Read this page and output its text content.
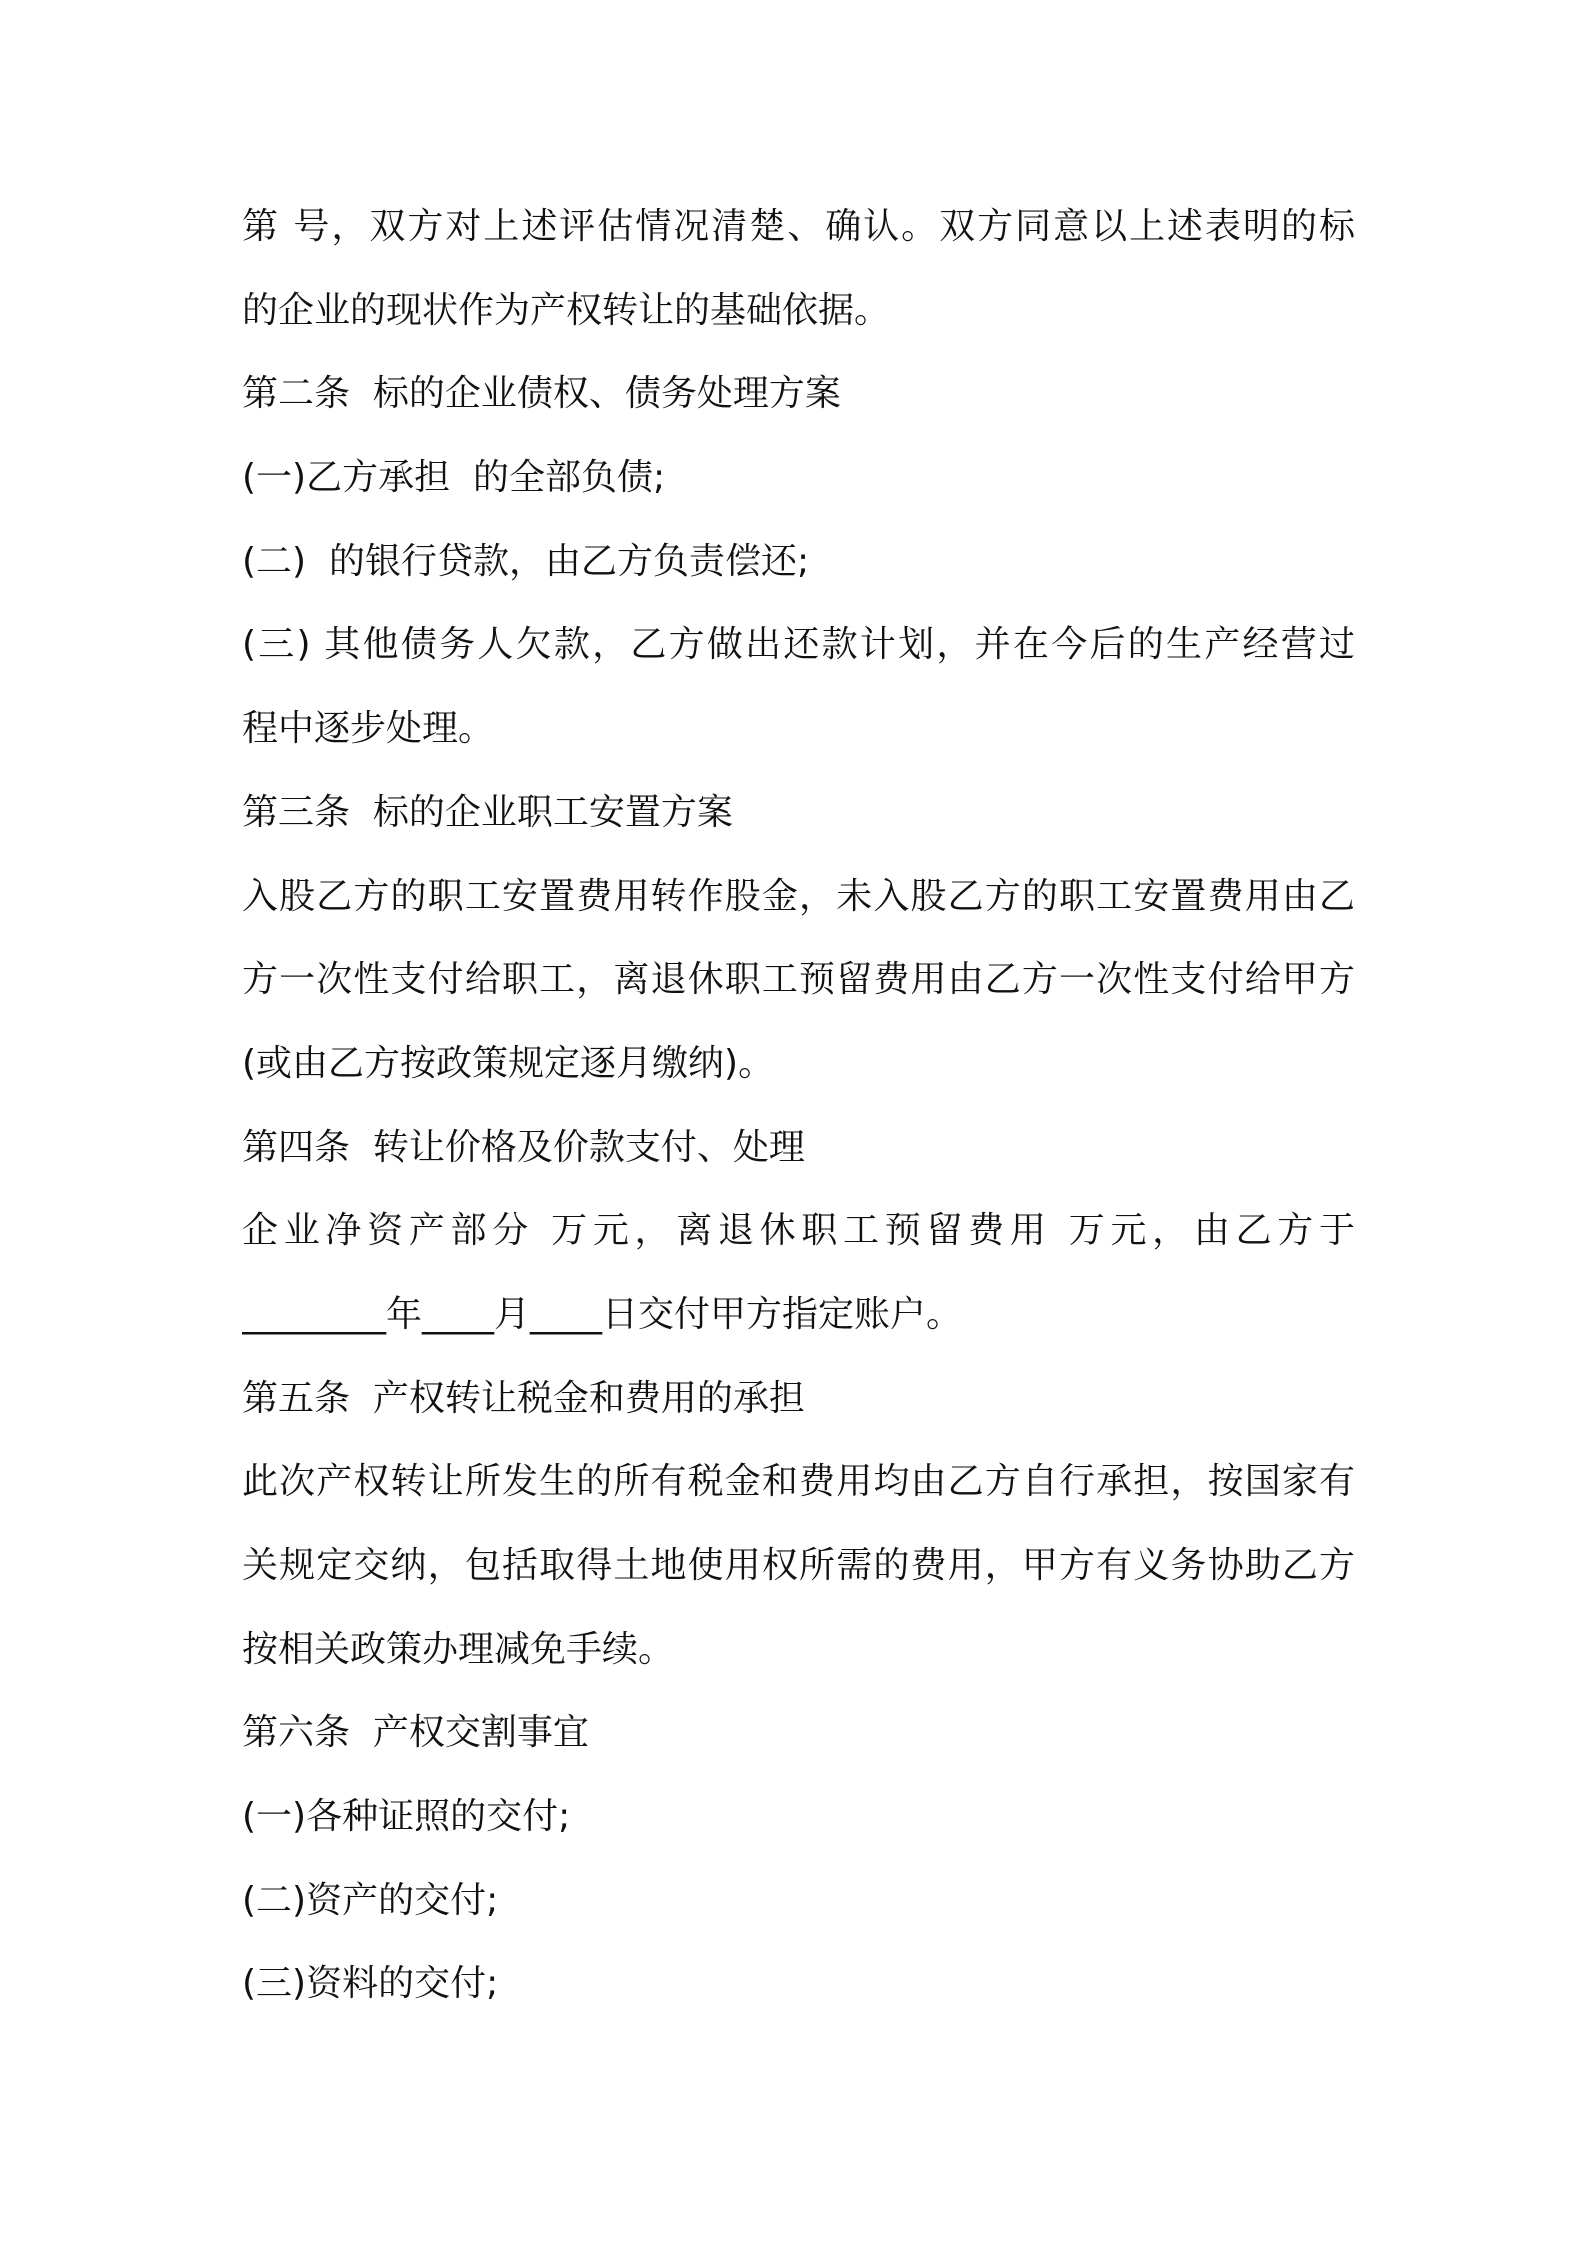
第 号，双方对上述评估情况清楚、确认。双方同意以上述表明的标
的企业的现状作为产权转让的基础依据。
第二条  标的企业债权、债务处理方案
(一)乙方承担  的全部负债;
(二)  的银行贷款，由乙方负责偿还;
(三) 其他债务人欠款，乙方做出还款计划，并在今后的生产经营过
程中逐步处理。
第三条  标的企业职工安置方案
入股乙方的职工安置费用转作股金，未入股乙方的职工安置费用由乙
方一次性支付给职工，离退休职工预留费用由乙方一次性支付给甲方
(或由乙方按政策规定逐月缴纳)。
第四条  转让价格及价款支付、处理
企业净资产部分 万元，离退休职工预留费用 万元，由乙方于
________年____月____日交付甲方指定账户。
第五条  产权转让税金和费用的承担
此次产权转让所发生的所有税金和费用均由乙方自行承担，按国家有
关规定交纳，包括取得土地使用权所需的费用，甲方有义务协助乙方
按相关政策办理减免手续。
第六条  产权交割事宜
(一)各种证照的交付;
(二)资产的交付;
(三)资料的交付;
